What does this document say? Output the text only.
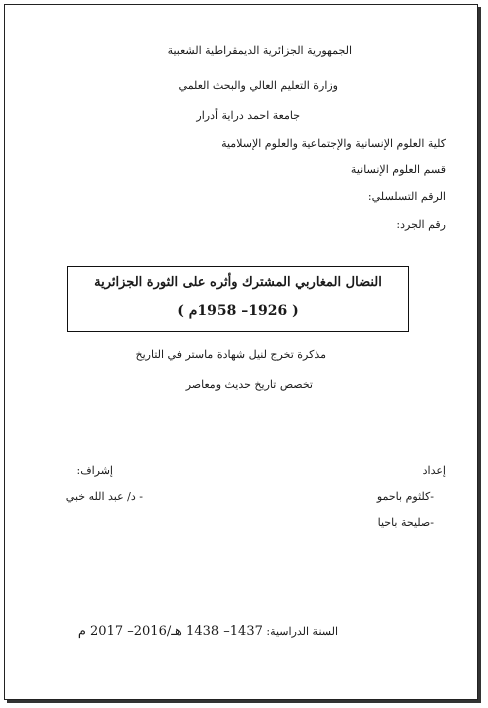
الجمهورية الجزائرية الديمقراطية الشعبية
وزارة التعليم العالي والبحث العلمي
جامعة احمد دراية أدرار
كلية العلوم الإنسانية والإجتماعية والعلوم الإسلامية
قسم العلوم الإنسانية
الرقم التسلسلي:
رقم الجرد:
النضال المغاربي المشترك وأثره على الثورة الجزائرية
( 1926– 1958م )
مذكرة تخرج لنيل شهادة ماستر في التاريخ
تخصص تاريخ حديث ومعاصر
إعداد
إشراف:
-كلثوم باحمو
-صليحة باحيا
- د/ عبد الله خبي
السنة الدراسية: 1437– 1438 هـ/2016– 2017 م
